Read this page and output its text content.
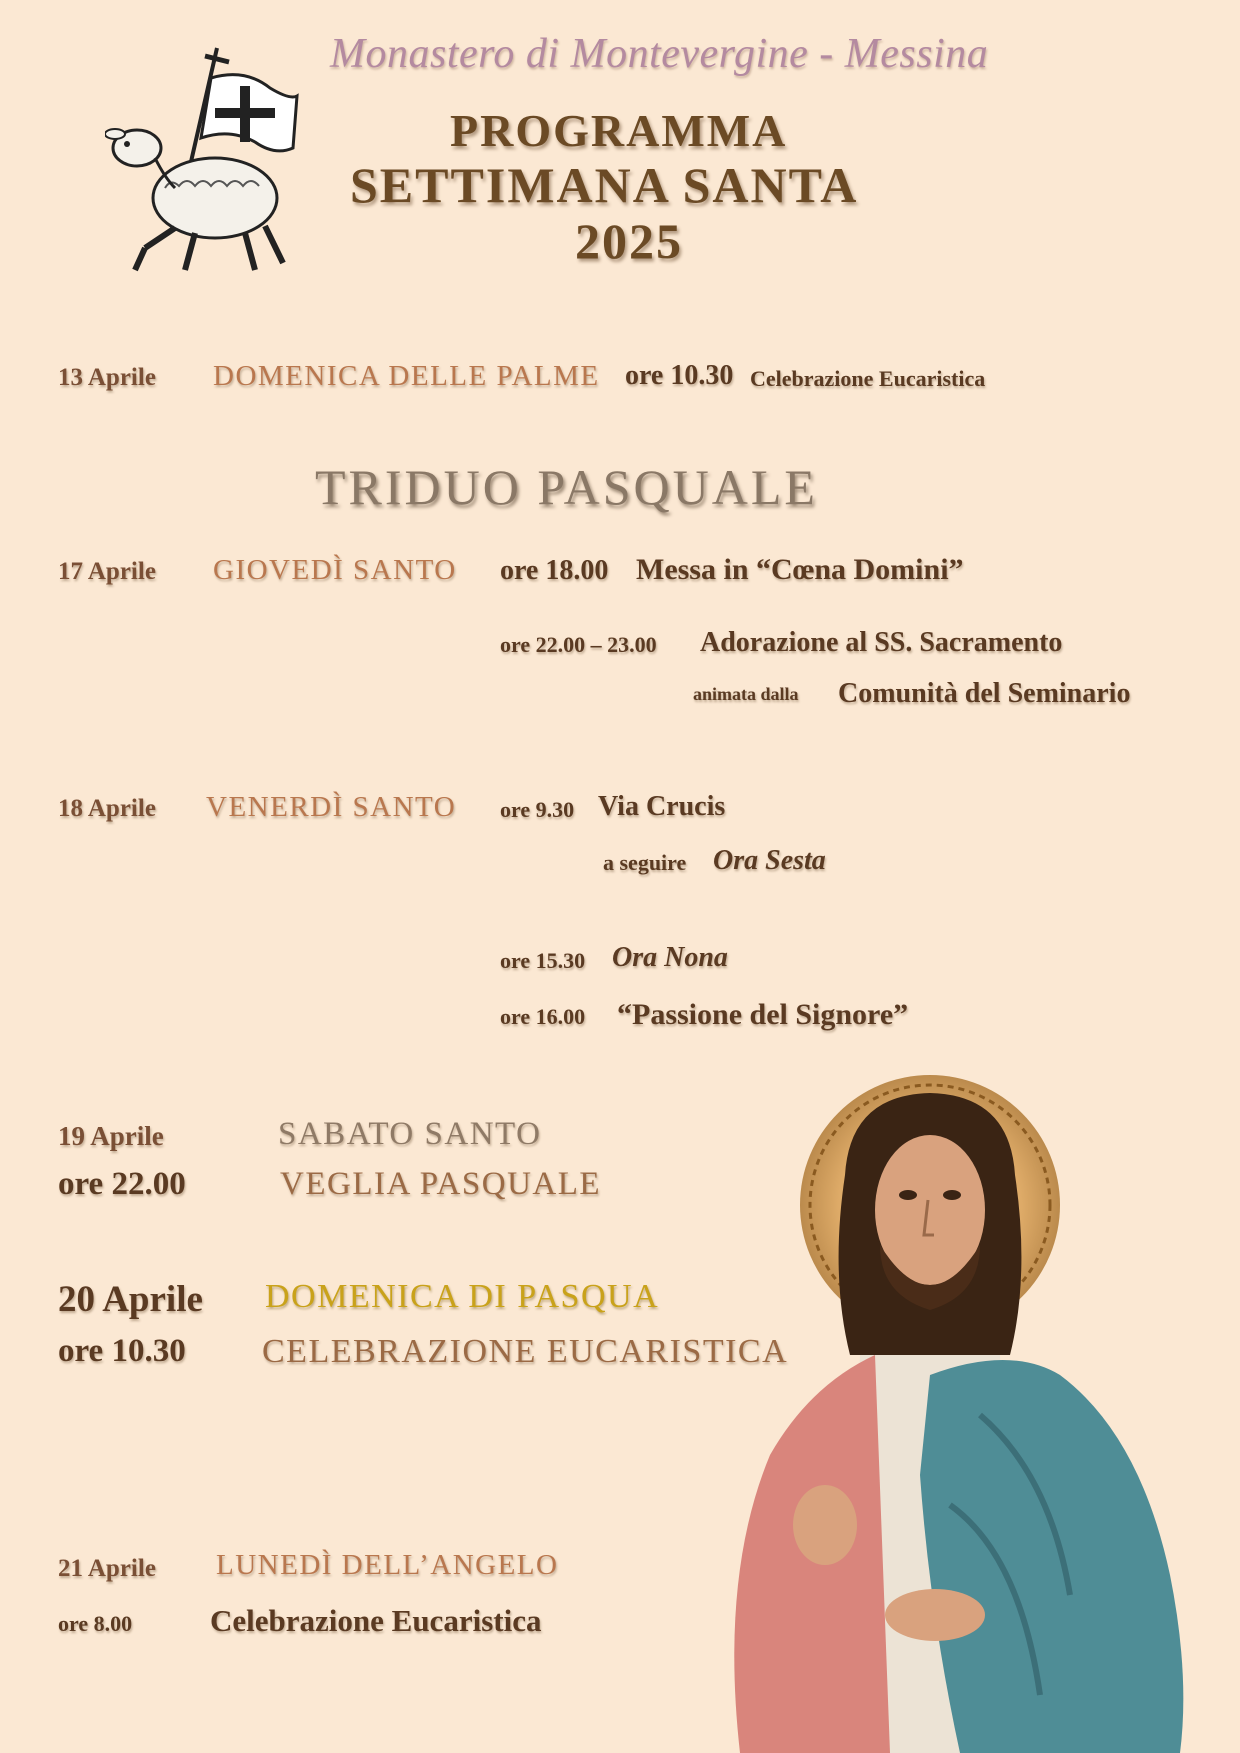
Monastero di Montevergine - Messina
PROGRAMMA
SETTIMANA SANTA
2025
13 Aprile DOMENICA DELLE PALME ore 10.30 Celebrazione Eucaristica
TRIDUO PASQUALE
17 Aprile GIOVEDÌ SANTO ore 18.00 Messa in “Cœna Domini”
ore 22.00 – 23.00 Adorazione al SS. Sacramento
animata dalla Comunità del Seminario
18 Aprile VENERDÌ SANTO ore 9.30 Via Crucis
a seguire Ora Sesta
ore 15.30 Ora Nona
ore 16.00 “Passione del Signore”
19 Aprile	SABATO SANTO
ore 22.00	VEGLIA PASQUALE
20 Aprile DOMENICA DI PASQUA
ore 10.30 CELEBRAZIONE EUCARISTICA
21 Aprile LUNEDÌ DELL’ANGELO
ore 8.00	Celebrazione Eucaristica
